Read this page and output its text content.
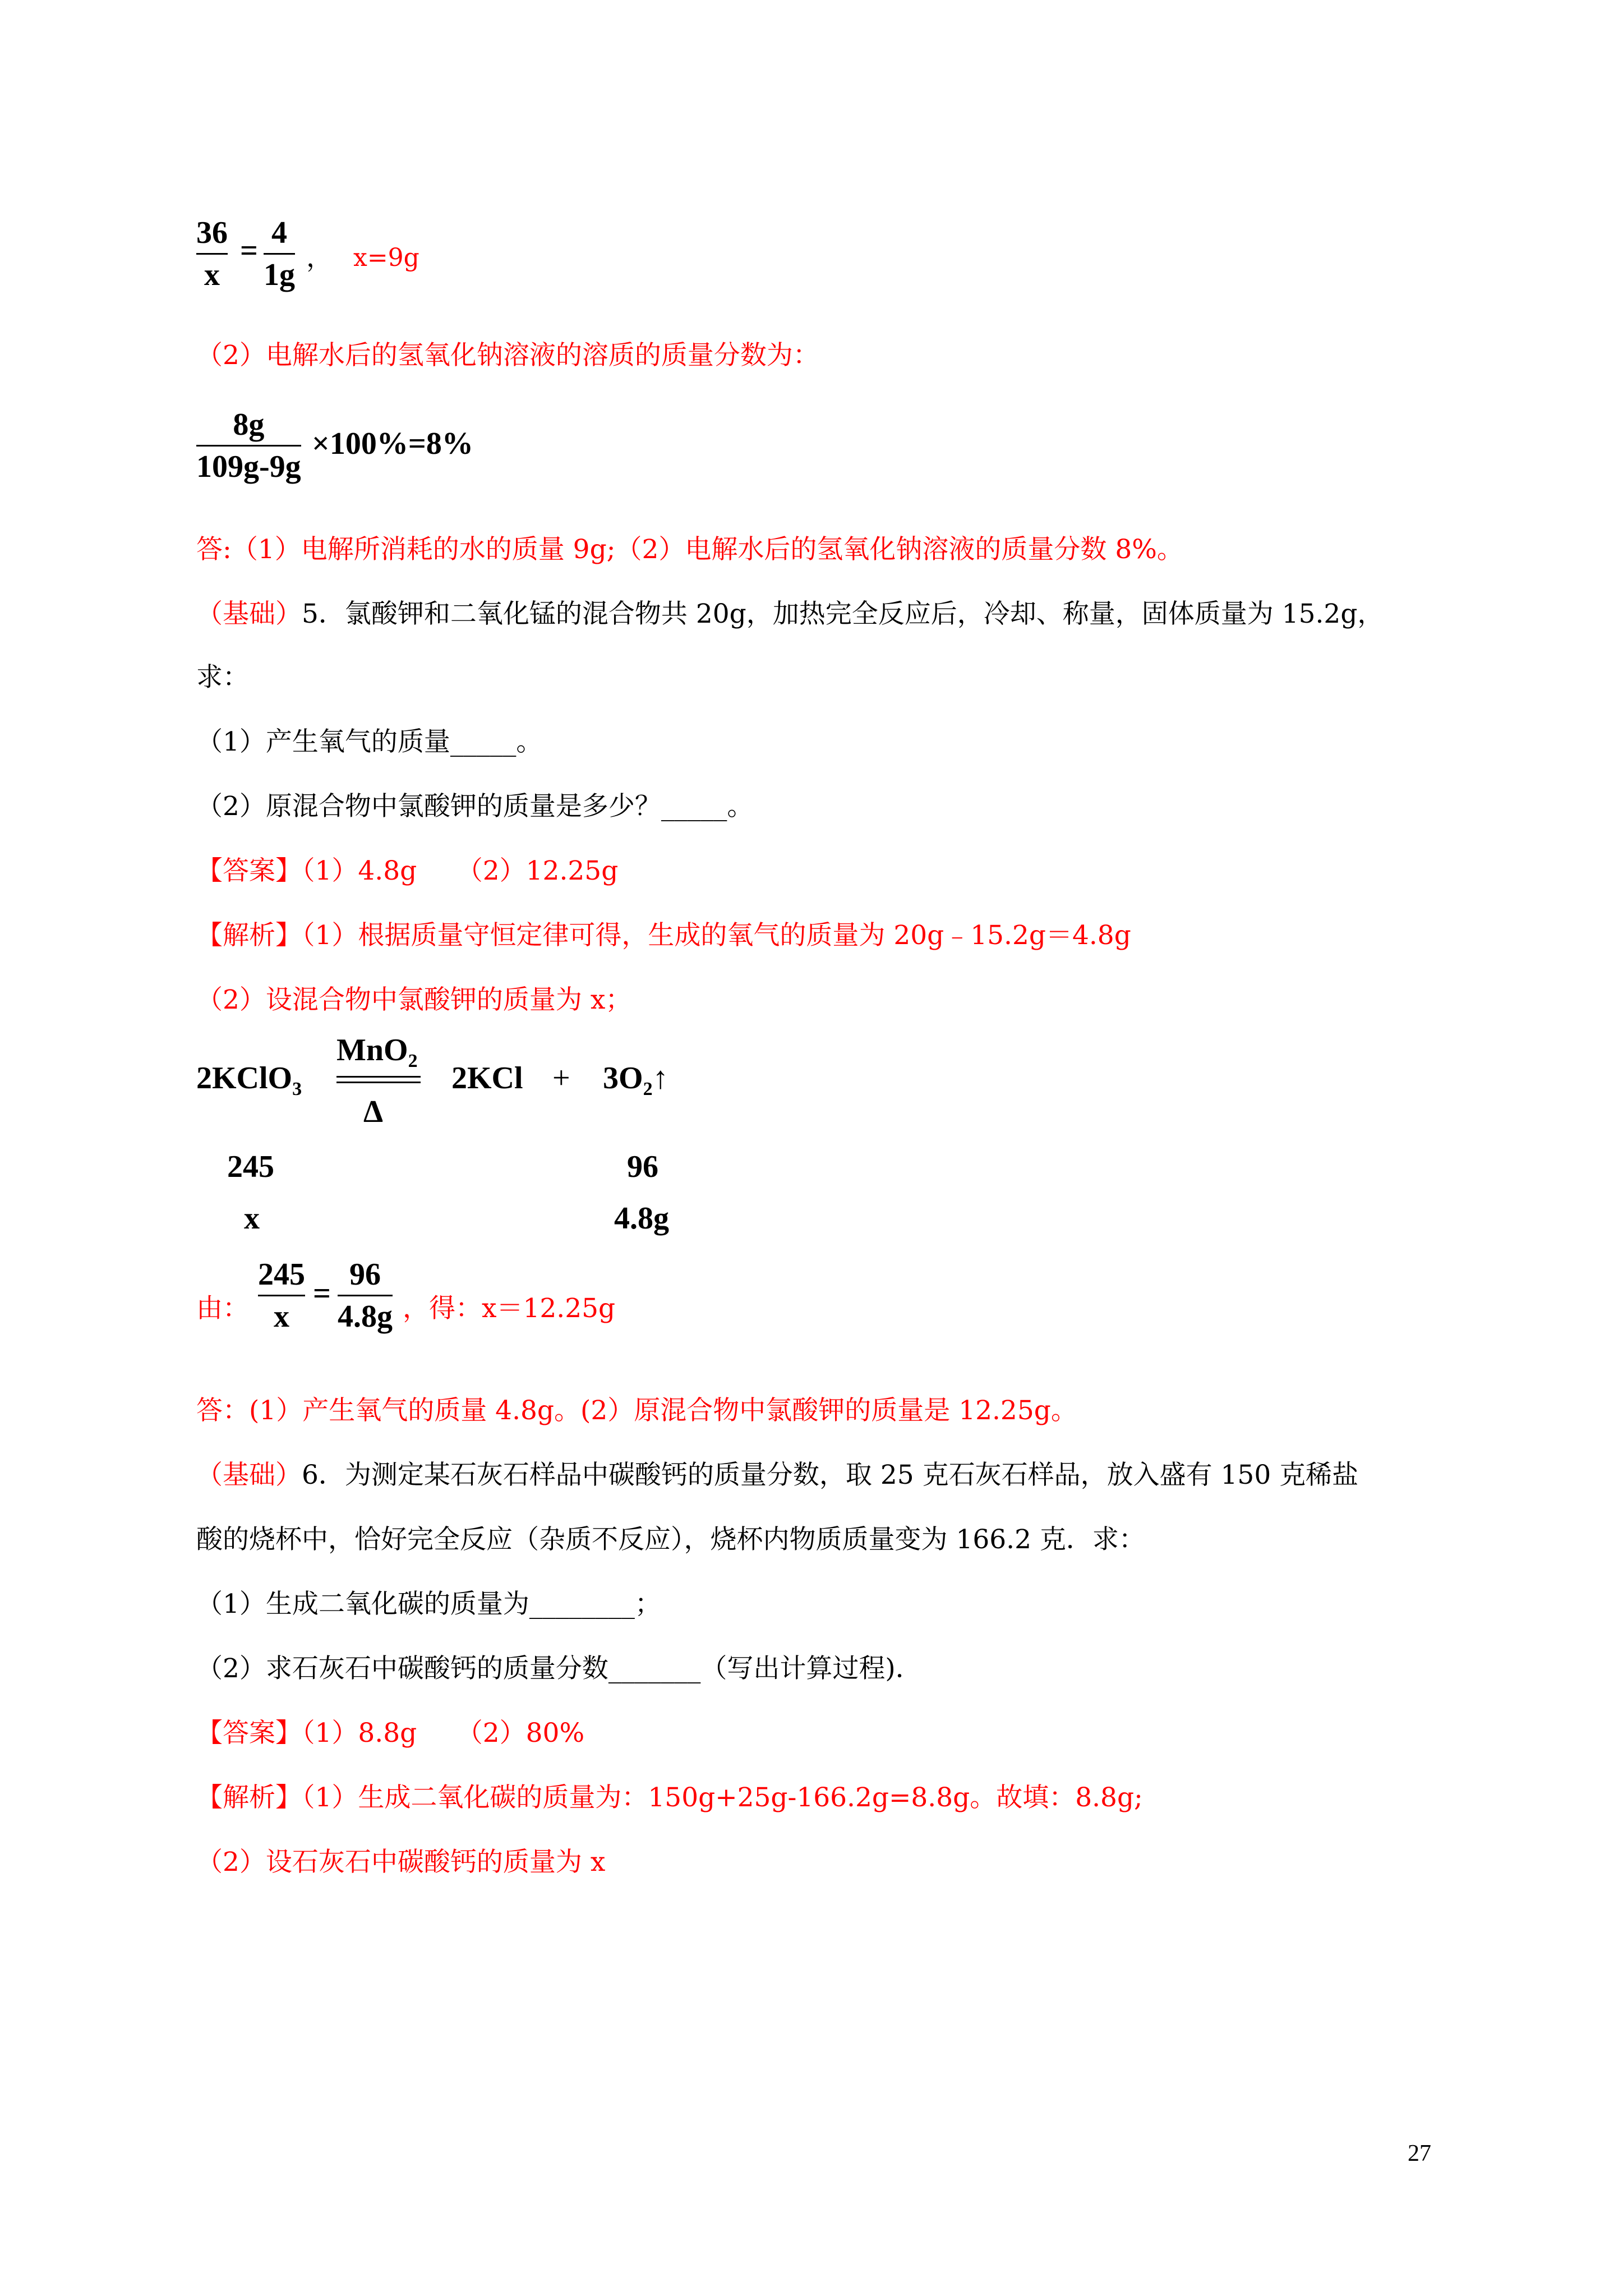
36
x
=
4
1g ， x=9g
（2）电解水后的氢氧化钠溶液的溶质的质量分数为：
8g
109g-9g
×100%=8%
答:（1）电解所消耗的水的质量 9g;（2）电解水后的氢氧化钠溶液的质量分数 8%。
（基础）5．氯酸钾和二氧化锰的混合物共 20g，加热完全反应后，冷却、称量，固体质量为 15.2g，
求：
（1）产生氧气的质量_____。
（2）原混合物中氯酸钾的质量是多少？_____。
【答案】（1）4.8g　　（2）12.25g
【解析】（1）根据质量守恒定律可得，生成的氧气的质量为 20g﹣15.2g＝4.8g
（2）设混合物中氯酸钾的质量为 x；
2KClO$_3$
MnO$_2$
Δ
$2KCl + 3O_2↑$
245	96
x	4.8g
由：
245
x
=
96
4.8g ，得：x＝12.25g
答：(1）产生氧气的质量 4.8g。(2）原混合物中氯酸钾的质量是 12.25g。
（基础）6．为测定某石灰石样品中碳酸钙的质量分数，取 25 克石灰石样品，放入盛有 150 克稀盐
酸的烧杯中，恰好完全反应（杂质不反应），烧杯内物质质量变为 166.2 克．求：
（1）生成二氧化碳的质量为________；
（2）求石灰石中碳酸钙的质量分数_______（写出计算过程)．
【答案】（1）8.8g　　（2）80%
【解析】（1）生成二氧化碳的质量为：150g+25g-166.2g=8.8g。故填：8.8g;
（2）设石灰石中碳酸钙的质量为 x
27
